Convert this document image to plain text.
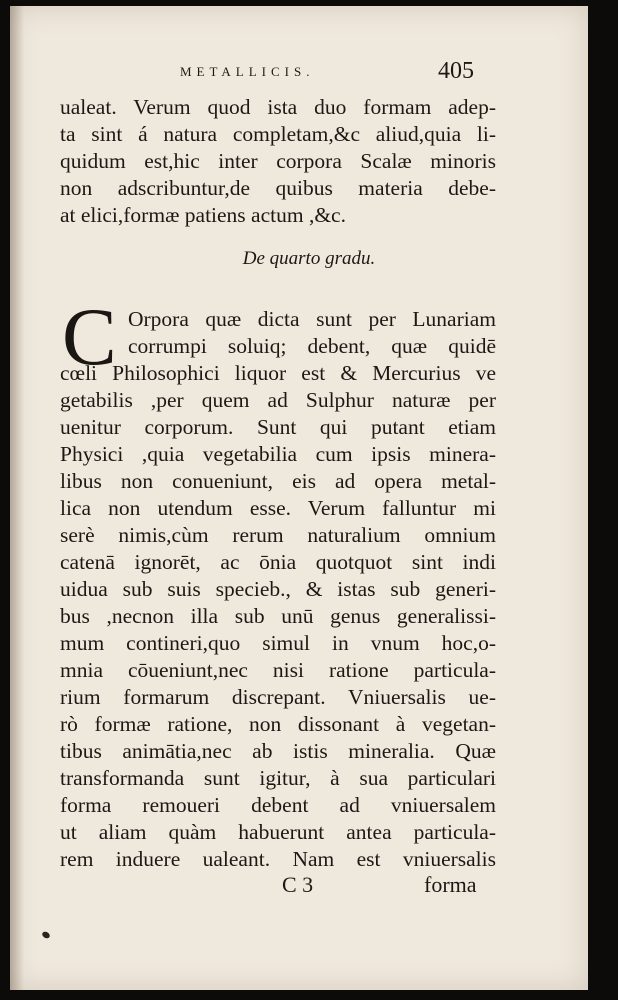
METALLICIS.	405
ualeat. Verum quod ista duo formam adep-
ta sint á natura completam,&c aliud,quia li-
quidum est,hic inter corpora Scalæ minoris
non adscribuntur,de quibus materia debe-
at elici,formæ patiens actum ,&c.
De quarto gradu.
C Orpora quæ dicta sunt per Lunariam
corrumpi soluiq; debent, quæ quidē
cœli Philosophici liquor est & Mercurius ve
getabilis ,per quem ad Sulphur naturæ per
uenitur corporum. Sunt qui putant etiam
Physici ,quia vegetabilia cum ipsis minera-
libus non conueniunt, eis ad opera metal-
lica non utendum esse. Verum falluntur mi
serè nimis,cùm rerum naturalium omnium
catenā ignorēt, ac ōnia quotquot sint indi
uidua sub suis specieb., & istas sub generi-
bus ,necnon illa sub unū genus generalissi-
mum contineri,quo simul in vnum hoc,o-
mnia cōueniunt,nec nisi ratione particula-
rium formarum discrepant. Vniuersalis ue-
rò formæ ratione, non dissonant à vegetan-
tibus animātia,nec ab istis mineralia. Quæ
transformanda sunt igitur, à sua particulari
forma remoueri debent ad vniuersalem
ut aliam quàm habuerunt antea particula-
rem induere ualeant. Nam est vniuersalis
C 3	forma
